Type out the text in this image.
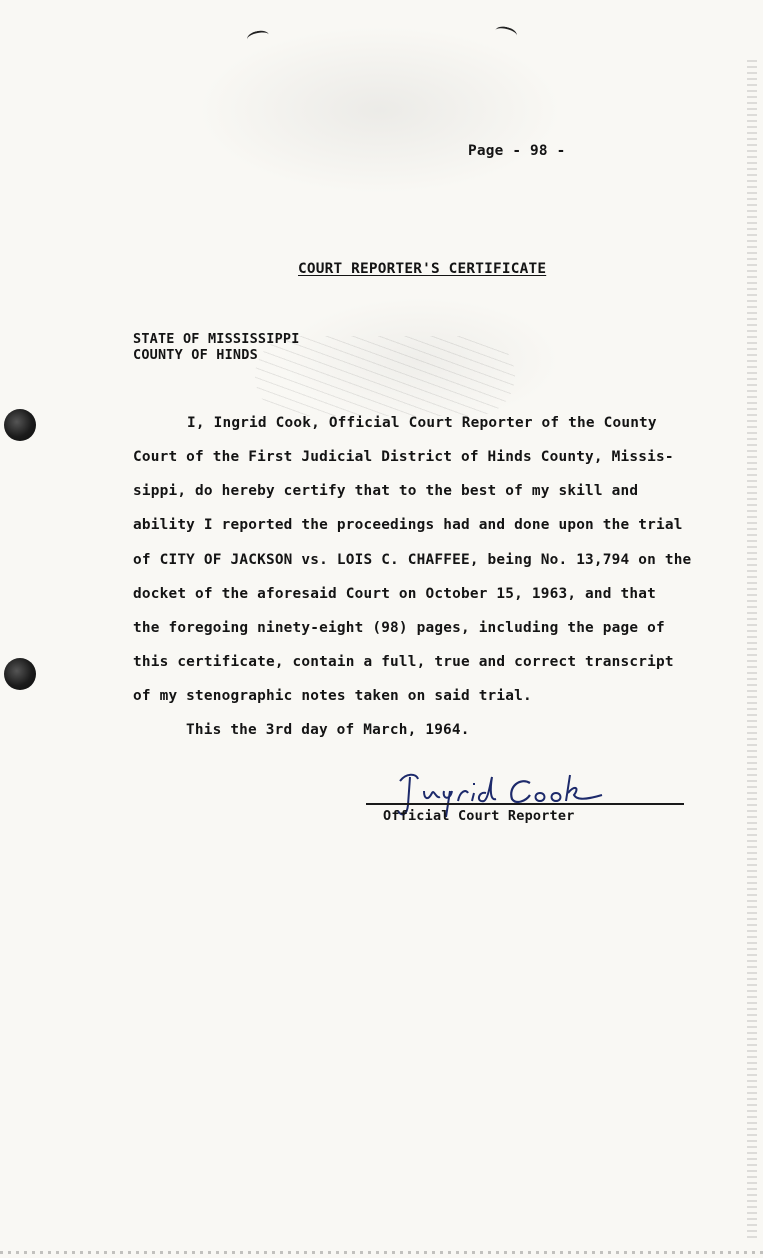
Page - 98 -
COURT REPORTER'S CERTIFICATE
STATE OF MISSISSIPPI
COUNTY OF HINDS
I, Ingrid Cook, Official Court Reporter of the County
Court of the First Judicial District of Hinds County, Missis-
sippi, do hereby certify that to the best of my skill and
ability I reported the proceedings had and done upon the trial
of CITY OF JACKSON vs. LOIS C. CHAFFEE, being No. 13,794 on the
docket of the aforesaid Court on October 15, 1963, and that
the foregoing ninety-eight (98) pages, including the page of
this certificate, contain a full, true and correct transcript
of my stenographic notes taken on said trial.
This the 3rd day of March, 1964.
Official Court Reporter
